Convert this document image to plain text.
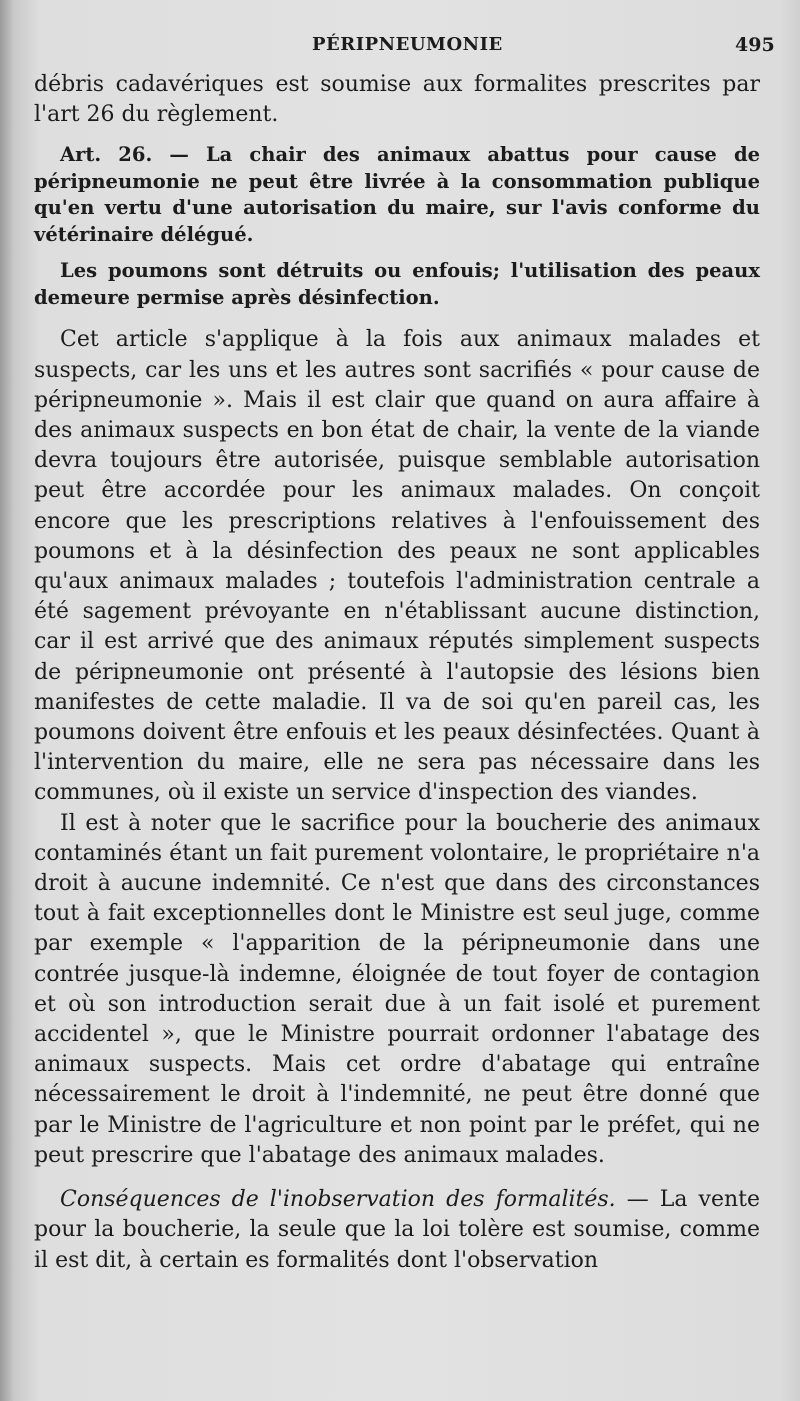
PÉRIPNEUMONIE	495

débris cadavériques est soumise aux formalites prescrites par l'art 26 du règlement.

Art. 26. — La chair des animaux abattus pour cause de péripneumonie ne peut être livrée à la consommation publique qu'en vertu d'une autorisation du maire, sur l'avis conforme du vétérinaire délégué.

Les poumons sont détruits ou enfouis; l'utilisation des peaux demeure permise après désinfection.

Cet article s'applique à la fois aux animaux malades et suspects, car les uns et les autres sont sacrifiés « pour cause de péripneumonie ». Mais il est clair que quand on aura affaire à des animaux suspects en bon état de chair, la vente de la viande devra toujours être autorisée, puisque semblable autorisation peut être accordée pour les animaux malades. On conçoit encore que les prescriptions relatives à l'enfouissement des poumons et à la désinfection des peaux ne sont applicables qu'aux animaux malades ; toutefois l'administration centrale a été sagement prévoyante en n'établissant aucune distinction, car il est arrivé que des animaux réputés simplement suspects de péripneumonie ont présenté à l'autopsie des lésions bien manifestes de cette maladie. Il va de soi qu'en pareil cas, les poumons doivent être enfouis et les peaux désinfectées. Quant à l'intervention du maire, elle ne sera pas nécessaire dans les communes, où il existe un service d'inspection des viandes.

Il est à noter que le sacrifice pour la boucherie des animaux contaminés étant un fait purement volontaire, le propriétaire n'a droit à aucune indemnité. Ce n'est que dans des circonstances tout à fait exceptionnelles dont le Ministre est seul juge, comme par exemple « l'apparition de la péripneumonie dans une contrée jusque-là indemne, éloignée de tout foyer de contagion et où son introduction serait due à un fait isolé et purement accidentel », que le Ministre pourrait ordonner l'abatage des animaux suspects. Mais cet ordre d'abatage qui entraîne nécessairement le droit à l'indemnité, ne peut être donné que par le Ministre de l'agriculture et non point par le préfet, qui ne peut prescrire que l'abatage des animaux malades.

Conséquences de l'inobservation des formalités. — La vente pour la boucherie, la seule que la loi tolère est soumise, comme il est dit, à certain es formalités dont l'observation
